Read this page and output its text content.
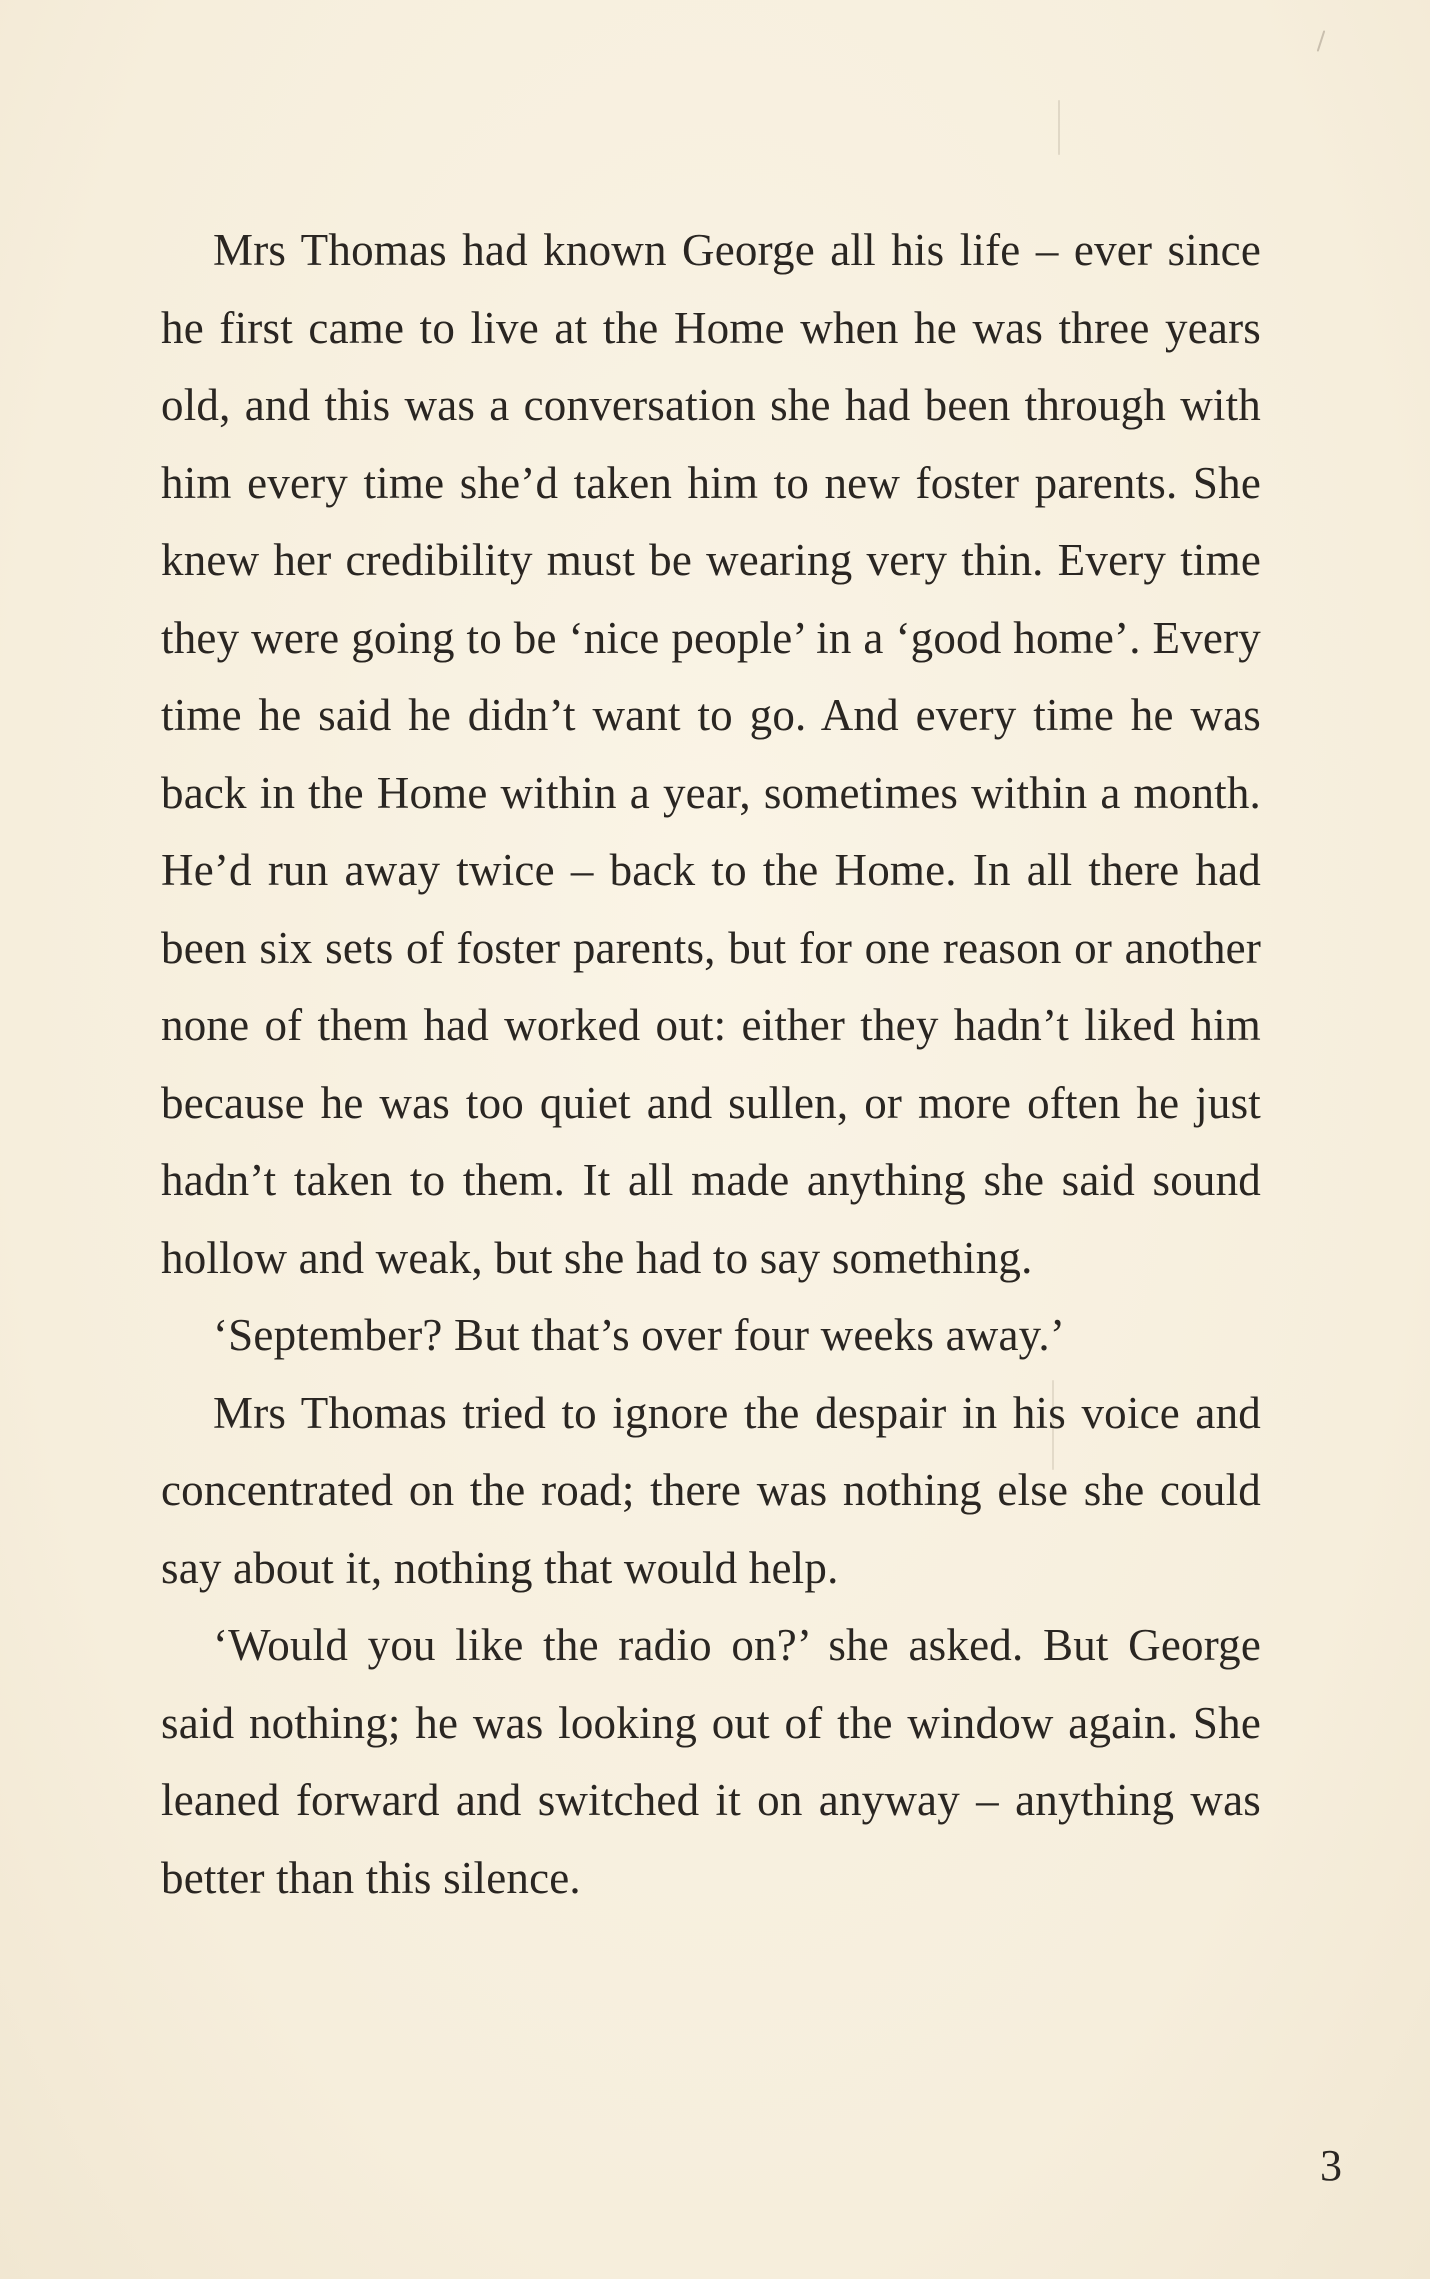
Mrs Thomas had known George all his life – ever since he first came to live at the Home when he was three years old, and this was a conversation she had been through with him every time she’d taken him to new foster parents. She knew her credibility must be wearing very thin. Every time they were going to be ‘nice people’ in a ‘good home’. Every time he said he didn’t want to go. And every time he was back in the Home within a year, sometimes within a month. He’d run away twice – back to the Home. In all there had been six sets of foster parents, but for one reason or another none of them had worked out: either they hadn’t liked him because he was too quiet and sullen, or more often he just hadn’t taken to them. It all made anything she said sound hollow and weak, but she had to say something.

‘September? But that’s over four weeks away.’

Mrs Thomas tried to ignore the despair in his voice and concentrated on the road; there was nothing else she could say about it, nothing that would help.

‘Would you like the radio on?’ she asked. But George said nothing; he was looking out of the window again. She leaned forward and switched it on anyway – anything was better than this silence.

3
